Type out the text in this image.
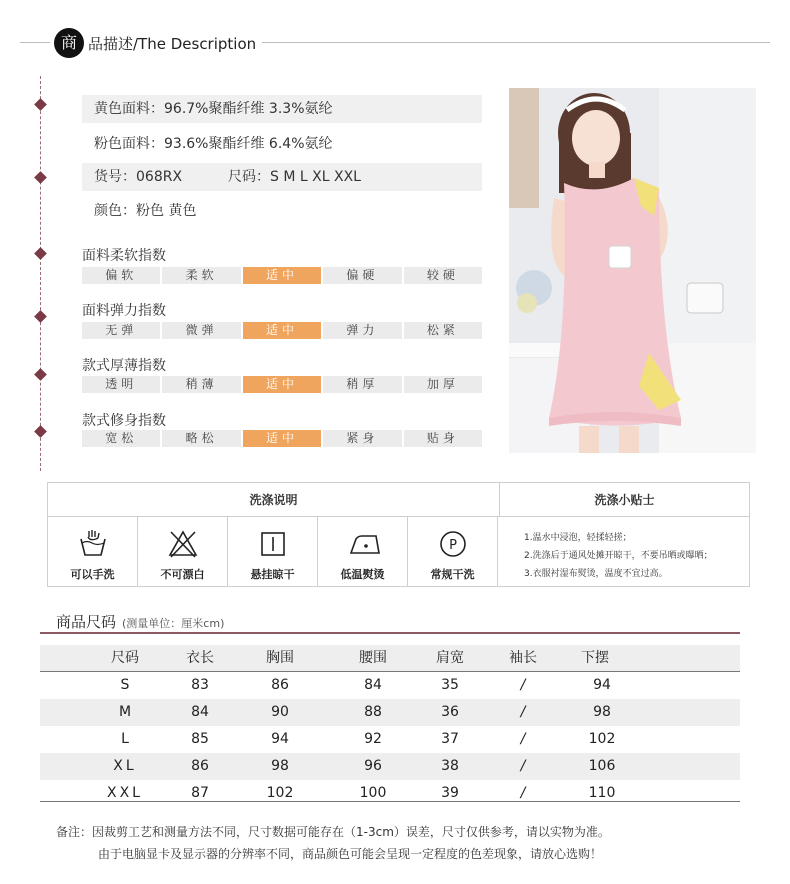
商 品描述/The Description
黄色面料：96.7%聚酯纤维 3.3%氨纶
粉色面料：93.6%聚酯纤维 6.4%氨纶
货号：068RX	尺码：S M L XL XXL
颜色：粉色 黄色
面料柔软指数
偏软	柔软	适中	偏硬	较硬
面料弹力指数
无弹	微弹	适中	弹力	松紧
款式厚薄指数
透明	稍薄	适中	稍厚	加厚
款式修身指数
宽松	略松	适中	紧身	贴身
洗涤说明	洗涤小贴士
可以手洗	不可漂白	悬挂晾干	低温熨烫
P
常规干洗
1.温水中浸泡，轻揉轻搓；
2.洗涤后于通风处摊开晾干，不要吊晒或曝晒；
3.衣服衬湿布熨烫，温度不宜过高。
商品尺码 (测量单位：厘米cm)
尺码	衣长	胸围	腰围	肩宽	袖长	下摆
S	83	86	84	35	/	94
M	84	90	88	36	/	98
L	85	94	92	37	/	102
XL	86	98	96	38	/	106
XXL	87	102	100	39	/	110
备注：因裁剪工艺和测量方法不同，尺寸数据可能存在（1-3cm）误差，尺寸仅供参考，请以实物为准。
由于电脑显卡及显示器的分辨率不同，商品颜色可能会呈现一定程度的色差现象，请放心选购！
